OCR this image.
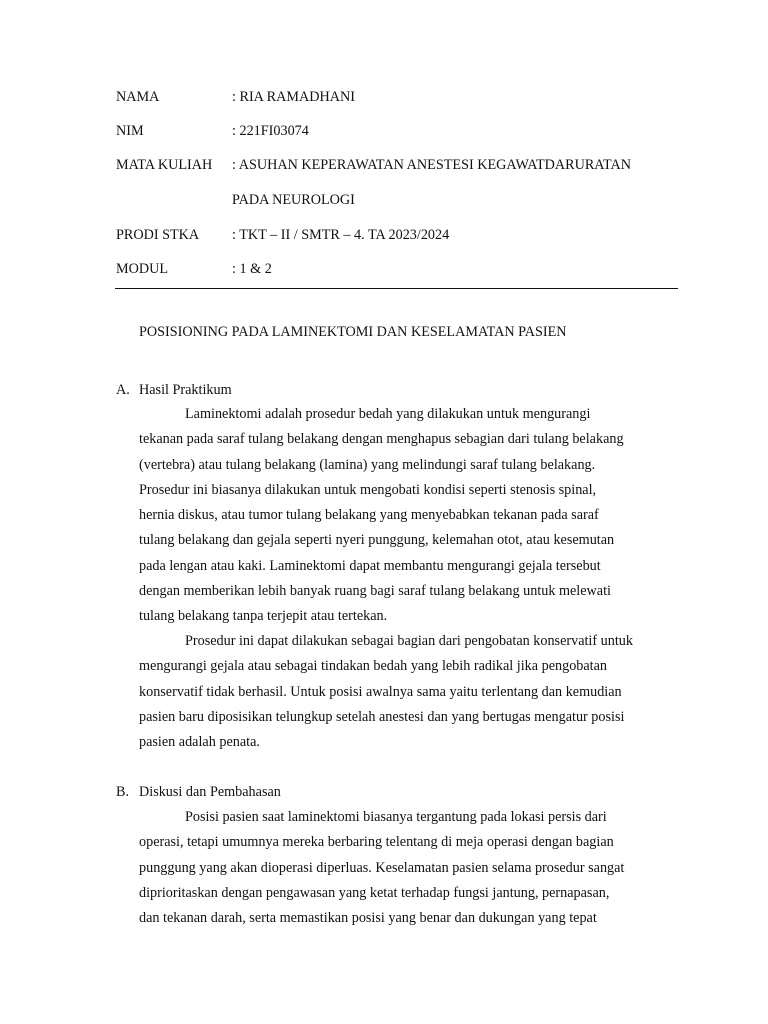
NAMA	: RIA RAMADHANI
NIM	: 221FI03074
MATA KULIAH : ASUHAN KEPERAWATAN ANESTESI KEGAWATDARURATAN
PADA NEUROLOGI
PRODI STKA : TKT – II / SMTR – 4. TA 2023/2024
MODUL	: 1 & 2
POSISIONING PADA LAMINEKTOMI DAN KESELAMATAN PASIEN
A. Hasil Praktikum
Laminektomi adalah prosedur bedah yang dilakukan untuk mengurangi
tekanan pada saraf tulang belakang dengan menghapus sebagian dari tulang belakang
(vertebra) atau tulang belakang (lamina) yang melindungi saraf tulang belakang.
Prosedur ini biasanya dilakukan untuk mengobati kondisi seperti stenosis spinal,
hernia diskus, atau tumor tulang belakang yang menyebabkan tekanan pada saraf
tulang belakang dan gejala seperti nyeri punggung, kelemahan otot, atau kesemutan
pada lengan atau kaki. Laminektomi dapat membantu mengurangi gejala tersebut
dengan memberikan lebih banyak ruang bagi saraf tulang belakang untuk melewati
tulang belakang tanpa terjepit atau tertekan.
Prosedur ini dapat dilakukan sebagai bagian dari pengobatan konservatif untuk
mengurangi gejala atau sebagai tindakan bedah yang lebih radikal jika pengobatan
konservatif tidak berhasil. Untuk posisi awalnya sama yaitu terlentang dan kemudian
pasien baru diposisikan telungkup setelah anestesi dan yang bertugas mengatur posisi
pasien adalah penata.
B. Diskusi dan Pembahasan
Posisi pasien saat laminektomi biasanya tergantung pada lokasi persis dari
operasi, tetapi umumnya mereka berbaring telentang di meja operasi dengan bagian
punggung yang akan dioperasi diperluas. Keselamatan pasien selama prosedur sangat
diprioritaskan dengan pengawasan yang ketat terhadap fungsi jantung, pernapasan,
dan tekanan darah, serta memastikan posisi yang benar dan dukungan yang tepat
